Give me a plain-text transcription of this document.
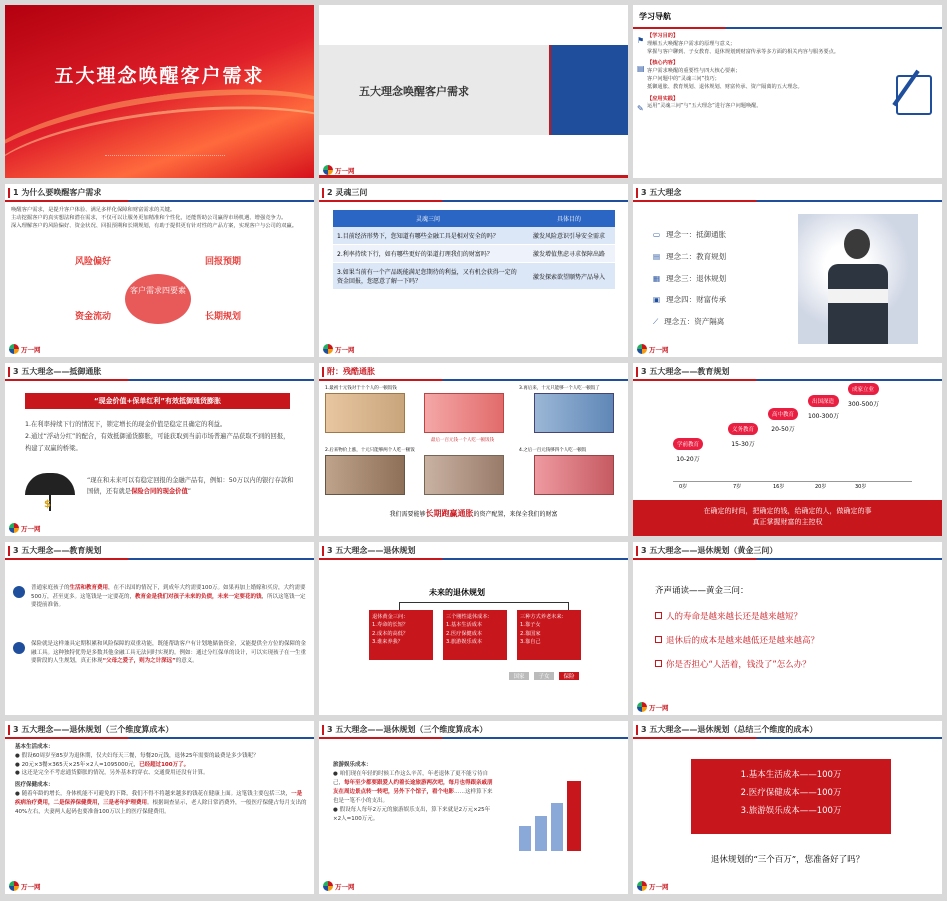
五大理念唤醒客户需求
五大理念唤醒客户需求
万一网
学习导航
⚑ 【学习目的】
理解五大唤醒客户需求的原理与意义；
掌握与客户聊到、子女教育、退休规划到财富传承等多方面的相关内容与服务要点。
▤
【核心内容】
客户需求唤醒的重要性与四大核心要素；
客户问题中的“灵魂三问”技巧；
抵御通胀、教育规划、退休规划、财富传承、资产隔离的五大理念。
✎
【应用实践】
运用“灵魂三问”与“五大理念”进行客户问题唤醒。
1 为什么要唤醒客户需求
唤醒客户需求，是提升客户体验、满足多样化保障和财富需求的关键。
主动挖掘客户的真实想法和潜在需求，不仅可以让服务更加精准和个性化，还能帮助公司赢得市场机遇、增强竞争力。
深入理解客户的风险偏好、资金状况、回报预期和长期规划，有助于提供更有针对性的产品方案，实现客户与公司的双赢。
客户需求四要素
风险偏好	回报预期
资金流动	长期规划
万一网
2 灵魂三问
灵魂三问	具体目的
1.目前经济形势下，您知道有哪些金融工具是相对安全的吗？	激发风险意识引导安全需求
2.利率持续下行，如有哪些更好的渠道打理我们的财富吗？	激发增值焦虑寻求保障出路
3.如果当前有一个产品既能满足您期待的利益，又有机会获得一定的资金回报，您愿意了解一下吗？	激发探索欲望顺势产品导入
万一网
3 五大理念
▭ 理念一：抵御通胀
▤ 理念二：教育规划
▦ 理念三：退休规划
▣ 理念四：财富传承
⟋ 理念五：资产隔离
万一网
3 五大理念——抵御通胀
“现金价值+保单红利”有效抵御通货膨胀
1.在利率持续下行的情况下，锁定增长的现金价值是稳定且确定的利益。
2.通过“浮动分红”的配合，有效抵御通货膨胀，可能获取到当前市场普遍产品获取不到的回报，构建了双赢的桥梁。
$
“现在和未来可以有稳定回报的金融产品有，例如：50万以内的银行存款和国债，还有就是保险合同的现金价值”
万一网
附：残酷通胀
1.最初十元钱对于十个人的一顿饭钱	3.再后来，十元只能够一个人吃一顿饭了
最后一百元钱一个人吃一顿饭钱
2.后来物价上涨，十元只能够两个人吃一顿饭	4.之后一百元钱够四个人吃一顿饭
我们需要能够长期跑赢通胀的资产配置，来保全我们的财富
3 五大理念——教育规划
学前教育
10-20万
义务教育
15-30万
高中教育
20-50万
出国深造
100-300万
成家立业
300-500万
0岁	7岁	16岁	20岁	30岁
在确定的时间，把确定的钱，给确定的人，做确定的事
真正掌握财富的主控权
3 五大理念——教育规划
普通家庭孩子的生活和教育费用，在不出国的情况下，到成年大约需要100万。如果再加上婚嫁和买房，大约需要500万，甚至更多。这笔钱是一定要花的，教育金是我们对孩子未来的负债，未来一定要花的钱，所以这笔钱一定要提前准备。
保险就是这样兼具定期积累和风险保障的双重功能，既能帮助客户有计划地储备资金，又能提供全方位的保障的金融工具。这种独特优势是多数其他金融工具无法同时实现的。例如：通过分红保单的设计，可以实现孩子在一生重要阶段的人生规划，真正体现“父母之爱子，则为之计深远”的意义。
3 五大理念——退休规划
未来的退休规划
退休黄金三问：
1.寿命的长短？
2.成本的高低？
3.谁来养我？
三个刚性退休成本：
1.基本生活成本
2.医疗保健成本
3.旅游娱乐成本
三种方式养老未来：
1.靠子女
2.靠国家
3.靠自己
国家	子女	保险
3 五大理念——退休规划（黄金三问）
齐声诵读——黄金三问：
人的寿命是越来越长还是越来越短？
退休后的成本是越来越低还是越来越高？
你是否担心“人活着，钱没了”怎么办？
万一网
3 五大理念——退休规划（三个维度算成本）
基本生活成本：
● 假设60周岁至85岁为退休期，仅夫妇每天三餐，每餐20元钱，退休25年需要的最费是多少钱呢？
● 20元×3餐×365天×25年×2人=1095000元，已经超过100万了。
● 这还是完全不考虑通货膨胀的情况，另外基本的穿衣、交通费用还没有计算。
医疗保健成本：
● 随着年龄的增长，身体机能不可避免的下降，我们不得不将越来越多的钱花在健康上面。这笔钱主要包括三块，一是疾病治疗费用，二是保养保健费用，三是老年护理费用。根据调查显示，老人除日常消费外，一般医疗保健占每月支出的40%左右，夫妻两人起码也要准备100万以上的医疗保健费用。
万一网
3 五大理念——退休规划（三个维度算成本）
旅游娱乐成本：
● 咱们现在年轻的时候工作这么辛苦，年老退休了更不能亏待自己，每年至少都要跟爱人约着长途旅游两次吧，每月也得跟亲戚朋友在周边景点转一转吧，另外下个馆子，看个电影……这样算下来也是一笔不小的支出。
● 假设每人每年2万元的旅游娱乐支出，算下来就是2万元×25年×2人=100万元。
万一网
3 五大理念——退休规划（总结三个维度的成本）
1.基本生活成本——100万
2.医疗保健成本——100万
3.旅游娱乐成本——100万
退休规划的“三个百万”，您准备好了吗？
万一网
